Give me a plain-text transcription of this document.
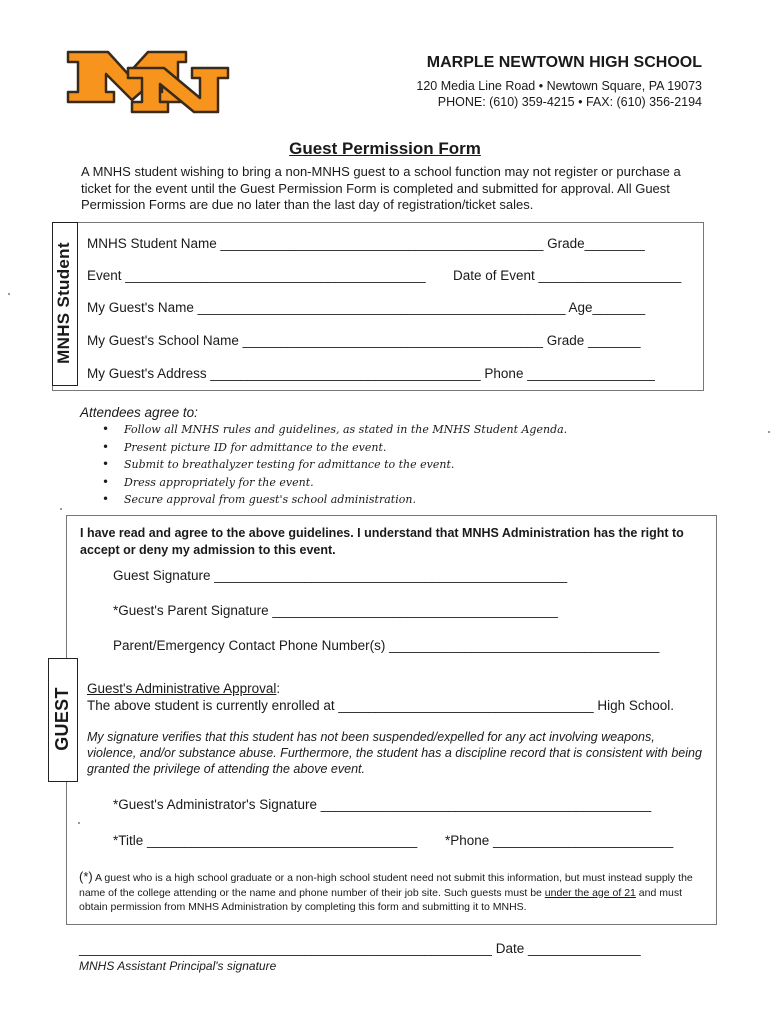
MARPLE NEWTOWN HIGH SCHOOL
120 Media Line Road • Newtown Square, PA 19073
PHONE: (610) 359-4215 • FAX: (610) 356-2194
Guest Permission Form
A MNHS student wishing to bring a non-MNHS guest to a school function may not register or purchase a ticket for the event until the Guest Permission Form is completed and submitted for approval. All Guest Permission Forms are due no later than the last day of registration/ticket sales.
MNHS Student MNHS Student Name ___________________________________________ Grade________
Event ________________________________________ Date of Event ___________________
My Guest's Name _________________________________________________ Age_______
My Guest's School Name ________________________________________ Grade _______
My Guest's Address ____________________________________ Phone _________________
Attendees agree to:
• Follow all MNHS rules and guidelines, as stated in the MNHS Student Agenda.
• Present picture ID for admittance to the event.
• Submit to breathalyzer testing for admittance to the event.
• Dress appropriately for the event.
• Secure approval from guest's school administration.
GUEST
I have read and agree to the above guidelines. I understand that MNHS Administration has the right to accept or deny my admission to this event.
Guest Signature _______________________________________________
*Guest's Parent Signature ______________________________________
Parent/Emergency Contact Phone Number(s) ____________________________________
Guest's Administrative Approval:
The above student is currently enrolled at __________________________________ High School.
My signature verifies that this student has not been suspended/expelled for any act involving weapons, violence, and/or substance abuse. Furthermore, the student has a discipline record that is consistent with being granted the privilege of attending the above event.
*Guest's Administrator's Signature ____________________________________________
*Title ____________________________________ *Phone ________________________
(*) A guest who is a high school graduate or a non-high school student need not submit this information, but must instead supply the name of the college attending or the name and phone number of their job site. Such guests must be under the age of 21 and must obtain permission from MNHS Administration by completing this form and submitting it to MNHS.
_______________________________________________________ Date _______________
MNHS Assistant Principal's signature
